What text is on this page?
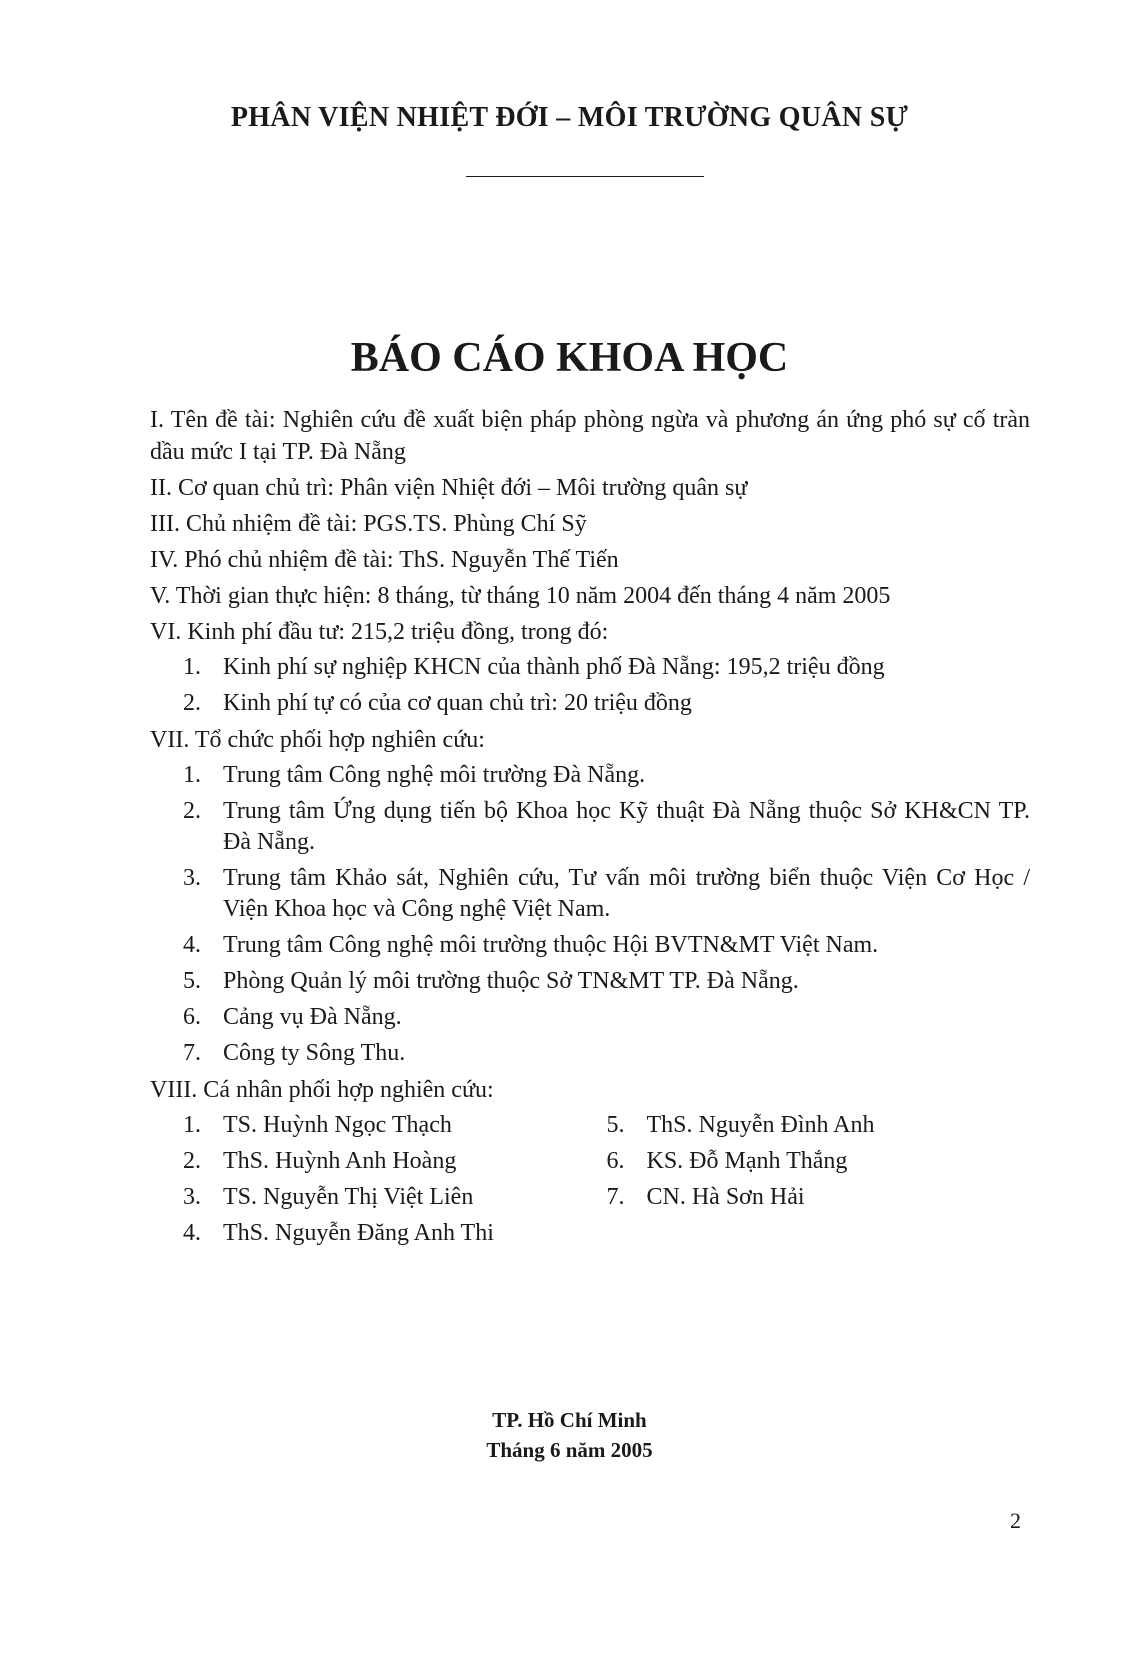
PHÂN VIỆN NHIỆT ĐỚI – MÔI TRƯỜNG QUÂN SỰ
BÁO CÁO KHOA HỌC
I. Tên đề tài: Nghiên cứu đề xuất biện pháp phòng ngừa và phương án ứng phó sự cố tràn dầu mức I tại TP. Đà Nẵng
II. Cơ quan chủ trì: Phân viện Nhiệt đới – Môi trường quân sự
III. Chủ nhiệm đề tài: PGS.TS. Phùng Chí Sỹ
IV. Phó chủ nhiệm đề tài: ThS. Nguyễn Thế Tiến
V. Thời gian thực hiện: 8 tháng, từ tháng 10 năm 2004 đến tháng 4 năm 2005
VI. Kinh phí đầu tư: 215,2 triệu đồng, trong đó:
1. Kinh phí sự nghiệp KHCN của thành phố Đà Nẵng: 195,2 triệu đồng
2. Kinh phí tự có của cơ quan chủ trì: 20 triệu đồng
VII. Tổ chức phối hợp nghiên cứu:
1. Trung tâm Công nghệ môi trường Đà Nẵng.
2. Trung tâm Ứng dụng tiến bộ Khoa học Kỹ thuật Đà Nẵng thuộc Sở KH&CN TP. Đà Nẵng.
3. Trung tâm Khảo sát, Nghiên cứu, Tư vấn môi trường biển thuộc Viện Cơ Học / Viện Khoa học và Công nghệ Việt Nam.
4. Trung tâm Công nghệ môi trường thuộc Hội BVTN&MT Việt Nam.
5. Phòng Quản lý môi trường thuộc Sở TN&MT TP. Đà Nẵng.
6. Cảng vụ Đà Nẵng.
7. Công ty Sông Thu.
VIII. Cá nhân phối hợp nghiên cứu:
1. TS. Huỳnh Ngọc Thạch
2. ThS. Huỳnh Anh Hoàng
3. TS. Nguyễn Thị Việt Liên
4. ThS. Nguyễn Đăng Anh Thi
5. ThS. Nguyễn Đình Anh
6. KS. Đỗ Mạnh Thắng
7. CN. Hà Sơn Hải
TP. Hồ Chí Minh
Tháng 6 năm 2005
2
